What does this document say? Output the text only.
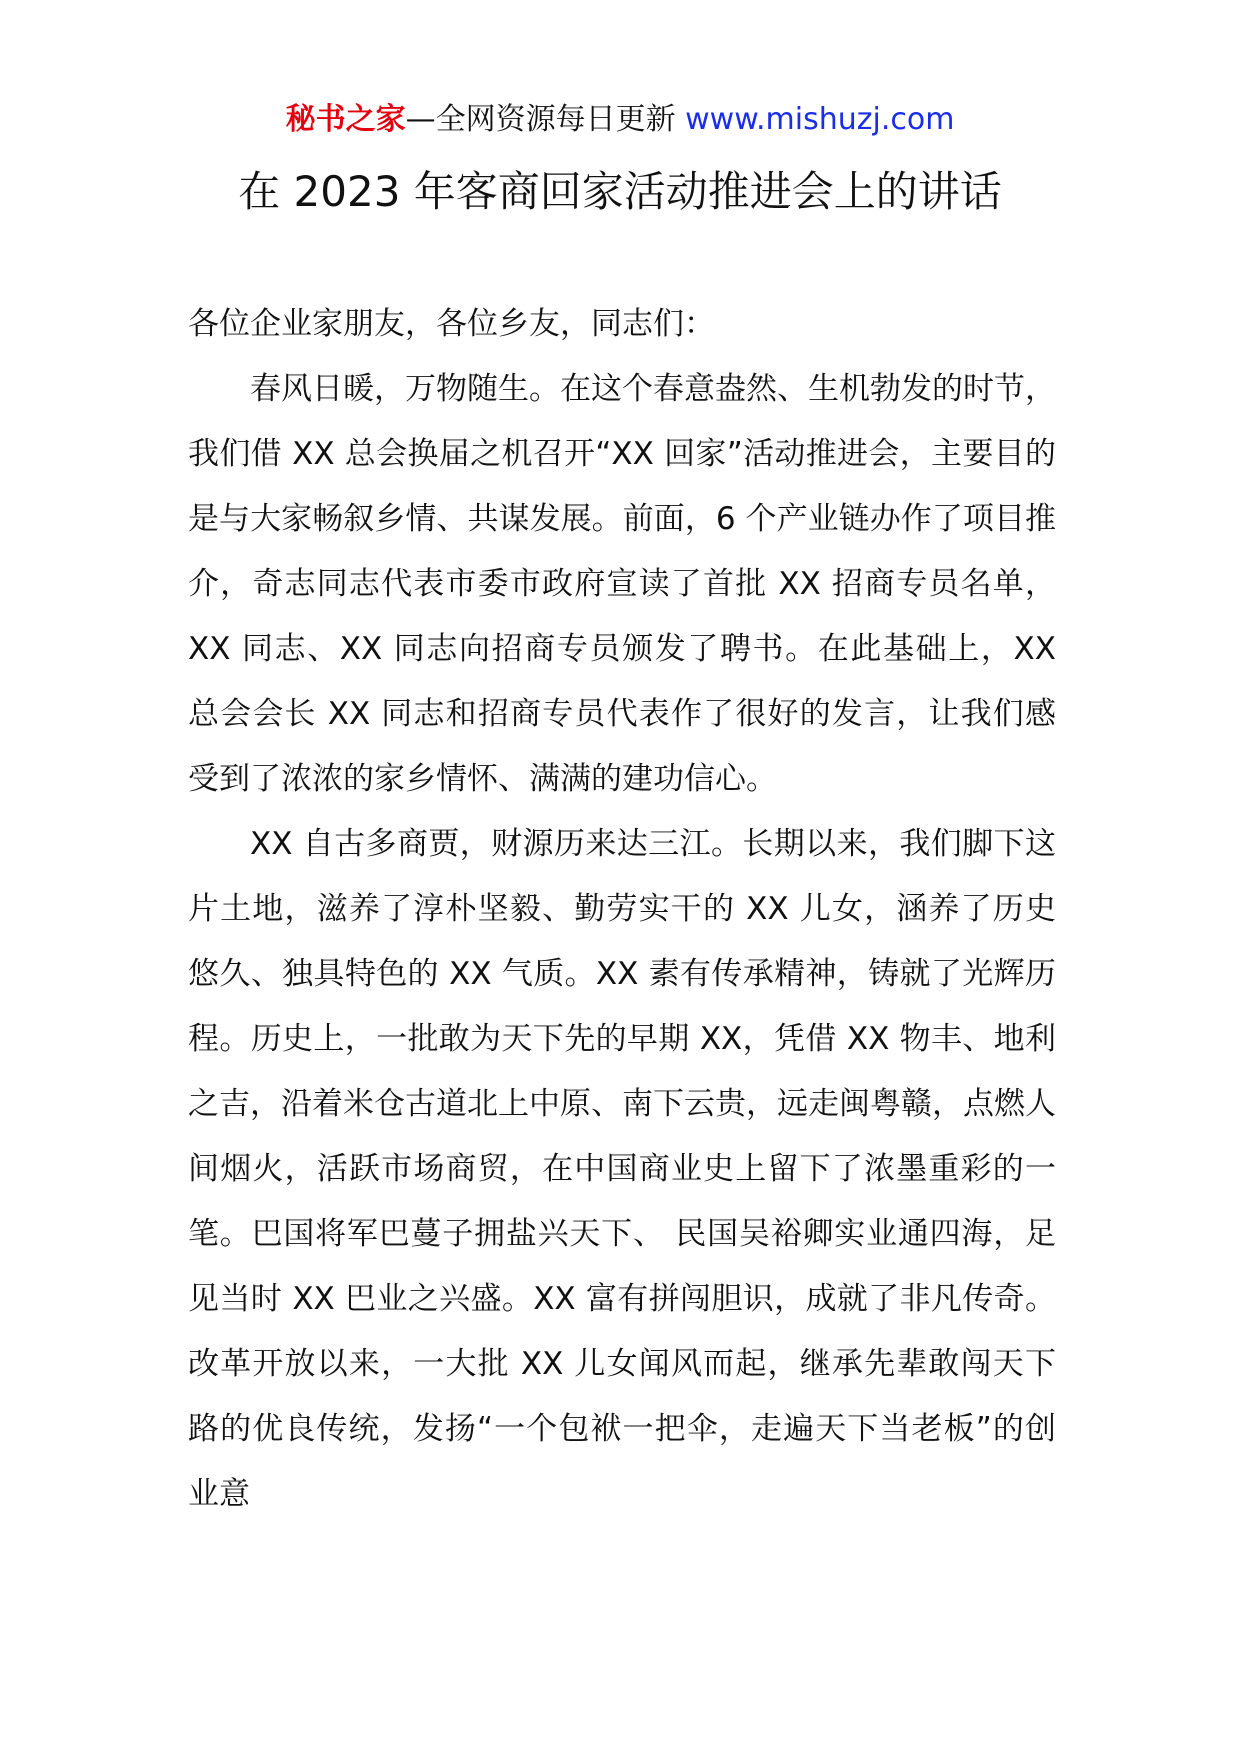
秘书之家—全网资源每日更新 www.mishuzj.com
在 2023 年客商回家活动推进会上的讲话

各位企业家朋友，各位乡友，同志们：

春风日暖，万物随生。在这个春意盎然、生机勃发的时节，我们借 XX 总会换届之机召开“XX 回家”活动推进会，主要目的是与大家畅叙乡情、共谋发展。前面，6 个产业链办作了项目推介，奇志同志代表市委市政府宣读了首批 XX 招商专员名单，XX 同志、XX 同志向招商专员颁发了聘书。在此基础上，XX 总会会长 XX 同志和招商专员代表作了很好的发言，让我们感受到了浓浓的家乡情怀、满满的建功信心。

XX 自古多商贾，财源历来达三江。长期以来，我们脚下这片土地，滋养了淳朴坚毅、勤劳实干的 XX 儿女，涵养了历史悠久、独具特色的 XX 气质。XX 素有传承精神，铸就了光辉历程。历史上，一批敢为天下先的早期 XX，凭借 XX 物丰、地利之吉，沿着米仓古道北上中原、南下云贵，远走闽粤赣，点燃人间烟火，活跃市场商贸，在中国商业史上留下了浓墨重彩的一笔。巴国将军巴蔓子拥盐兴天下、 民国吴裕卿实业通四海，足见当时 XX 巴业之兴盛。XX 富有拼闯胆识，成就了非凡传奇。改革开放以来，一大批 XX 儿女闻风而起，继承先辈敢闯天下路的优良传统，发扬“一个包袱一把伞，走遍天下当老板”的创业意
